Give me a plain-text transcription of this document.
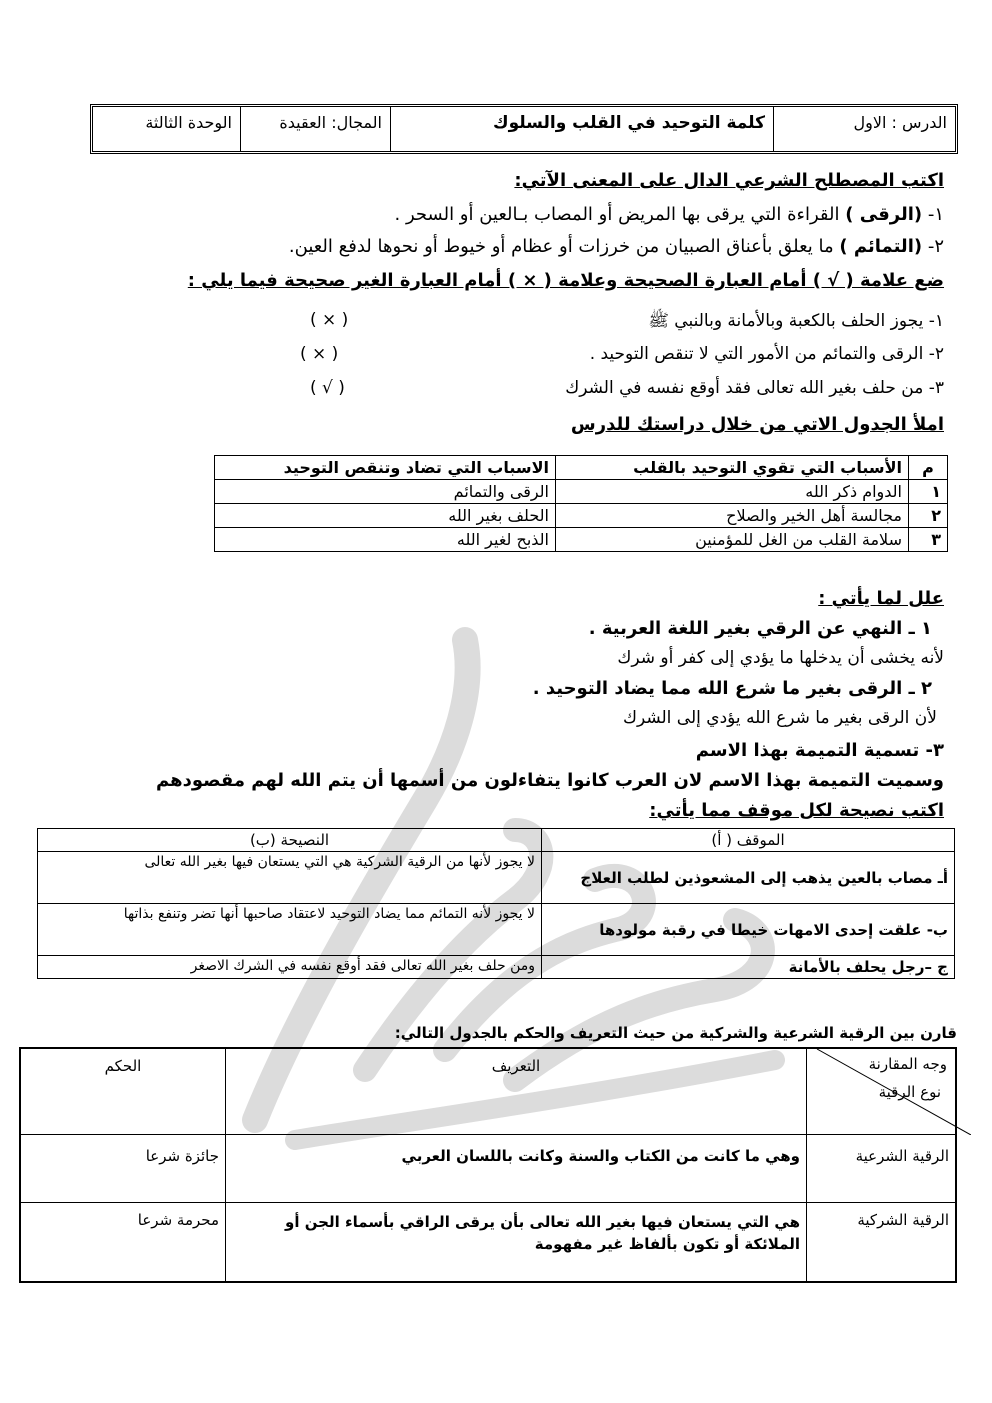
الدرس : الاول
كلمة التوحيد في القلب والسلوك
المجال: العقيدة
الوحدة الثالثة
اكتب المصطلح الشرعي الدال على المعنى الآتي:
١- (الرقى ) القراءة التي يرقى بها المريض أو المصاب بـالعين أو السحر .
٢- (التمائم ) ما يعلق بأعناق الصبيان من خرزات أو عظام أو خيوط أو نحوها لدفع العين.
ضع علامة ( √ ) أمام العبارة الصحيحة وعلامة ( × ) أمام العبارة الغير صحيحة فيما يلي :
١- يجوز الحلف بالكعبة وبالأمانة وبالنبي ﷺ
( × )
٢- الرقى والتمائم من الأمور التي لا تنقص التوحيد .
( × )
٣- من حلف بغير الله تعالى فقد أوقع نفسه في الشرك
( √ )
املأ الجدول الاتي من خلال دراستك للدرس
م	الأسباب التي تقوي التوحيد بالقلب	الاسباب التي تضاد وتنقص التوحيد
١	الدوام ذكر الله	الرقى والتمائم
٢	مجالسة أهل الخير والصلاح	الحلف بغير الله
٣	سلامة القلب من الغل للمؤمنين	الذبح لغير الله
علل لما يأتي :
١ ـ النهي عن الرقي بغير اللغة العربية .
لأنه يخشى أن يدخلها ما يؤدي إلى كفر أو شرك
٢ ـ الرقى بغير ما شرع الله مما يضاد التوحيد .
لأن الرقى بغير ما شرع الله يؤدي إلى الشرك
٣- تسمية التميمة بهذا الاسم
وسميت التميمة بهذا الاسم لان العرب كانوا يتفاءلون من أسمها أن يتم الله لهم مقصودهم
اكتب نصيحة لكل موقف مما يأتي:
الموقف ( أ)	النصيحة (ب)
أـ مصاب بالعين يذهب إلى المشعوذين لطلب العلاج	لا يجوز لأنها من الرقية الشركية هي التي يستعان فيها بغير الله تعالى
ب- علقت إحدى الامهات خيطا في رقبة مولودها	لا يجوز لأنه التمائم مما يضاد التوحيد لاعتقاد صاحبها أنها تضر وتنفع بذاتها
ج –رجل يحلف بالأمانة	ومن حلف بغير الله تعالى فقد أوقع نفسه في الشرك الاصغر
قارن بين الرقية الشرعية والشركية من حيث التعريف والحكم بالجدول التالي:
وجه المقارنة
نوع الرقية	التعريف	الحكم
الرقية الشرعية	وهي ما كانت من الكتاب والسنة وكانت باللسان العربي	جائزة شرعا
الرقية الشركية	هي التي يستعان فيها بغير الله تعالى بأن يرقى الراقي بأسماء الجن أو الملائكة أو تكون بألفاظ غير مفهومة	محرمة شرعا
